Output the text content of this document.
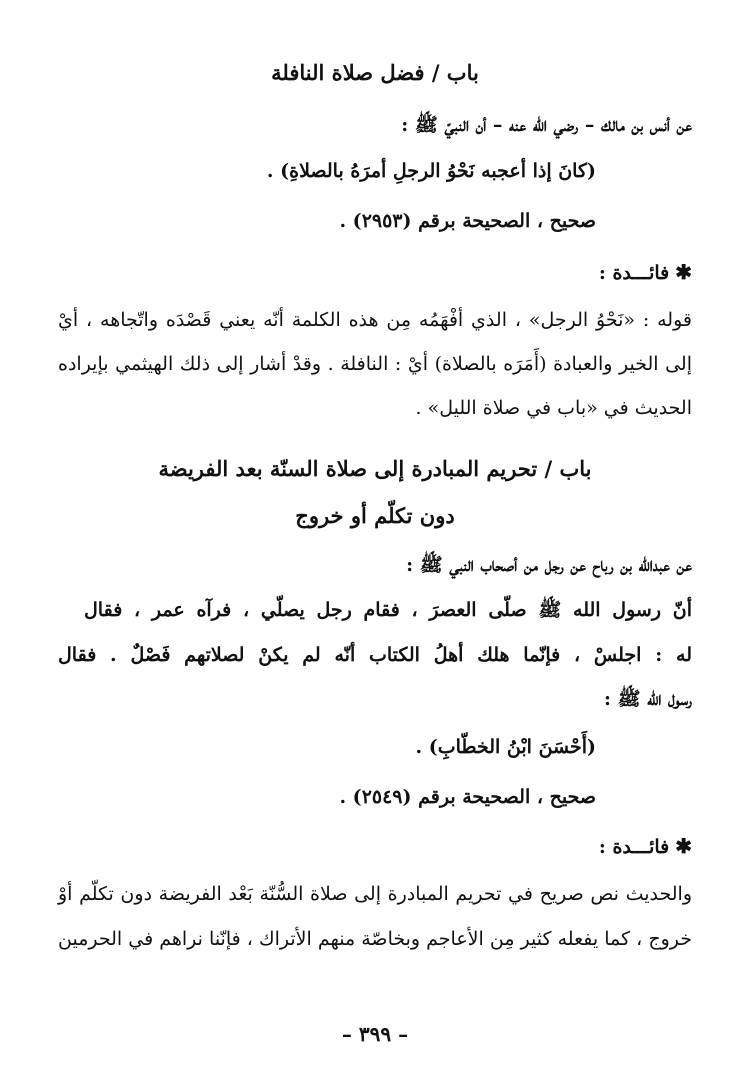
باب / فضل صلاة النافلة
عن أنس بن مالك – رضي الله عنه – أن النبيّ ﷺ :
(كانَ إذا أعجبه نَحْوُ الرجلِ أمرَهُ بالصلاةِ) .
صحيح ، الصحيحة برقم (٢٩٥٣) .
✱فائـــدة :
قوله : «نَحْوُ الرجل» ، الذي أفْهَمُه مِن هذه الكلمة أنّه يعني قَصْدَه واتّجاهه ، أيْ
إلى الخير والعبادة (أَمَرَه بالصلاة) أيْ : النافلة . وقدْ أشار إلى ذلك الهيثمي بإيراده
الحديث في «باب في صلاة الليل» .
باب / تحريم المبادرة إلى صلاة السنّة بعد الفريضة
دون تكلّم أو خروج
عن عبدالله بن رباح عن رجل من أصحاب النبي ﷺ :
أنّ رسول الله ﷺ صلّى العصرَ ، فقام رجل يصلّي ، فرآه عمر ، فقال
له : اجلسْ ، فإنّما هلك أهلُ الكتاب أنّه لم يكنْ لصلاتهم فَصْلٌ . فقال
رسول الله ﷺ :
(أَحْسَنَ ابْنُ الخطّابِ) .
صحيح ، الصحيحة برقم (٢٥٤٩) .
✱فائـــدة :
والحديث نص صريح في تحريم المبادرة إلى صلاة السُّنّة بَعْد الفريضة دون تكلّم أوْ
خروج ، كما يفعله كثير مِن الأعاجم وبخاصّة منهم الأتراك ، فإنّنا نراهم في الحرمين
– ٣٩٩ –
